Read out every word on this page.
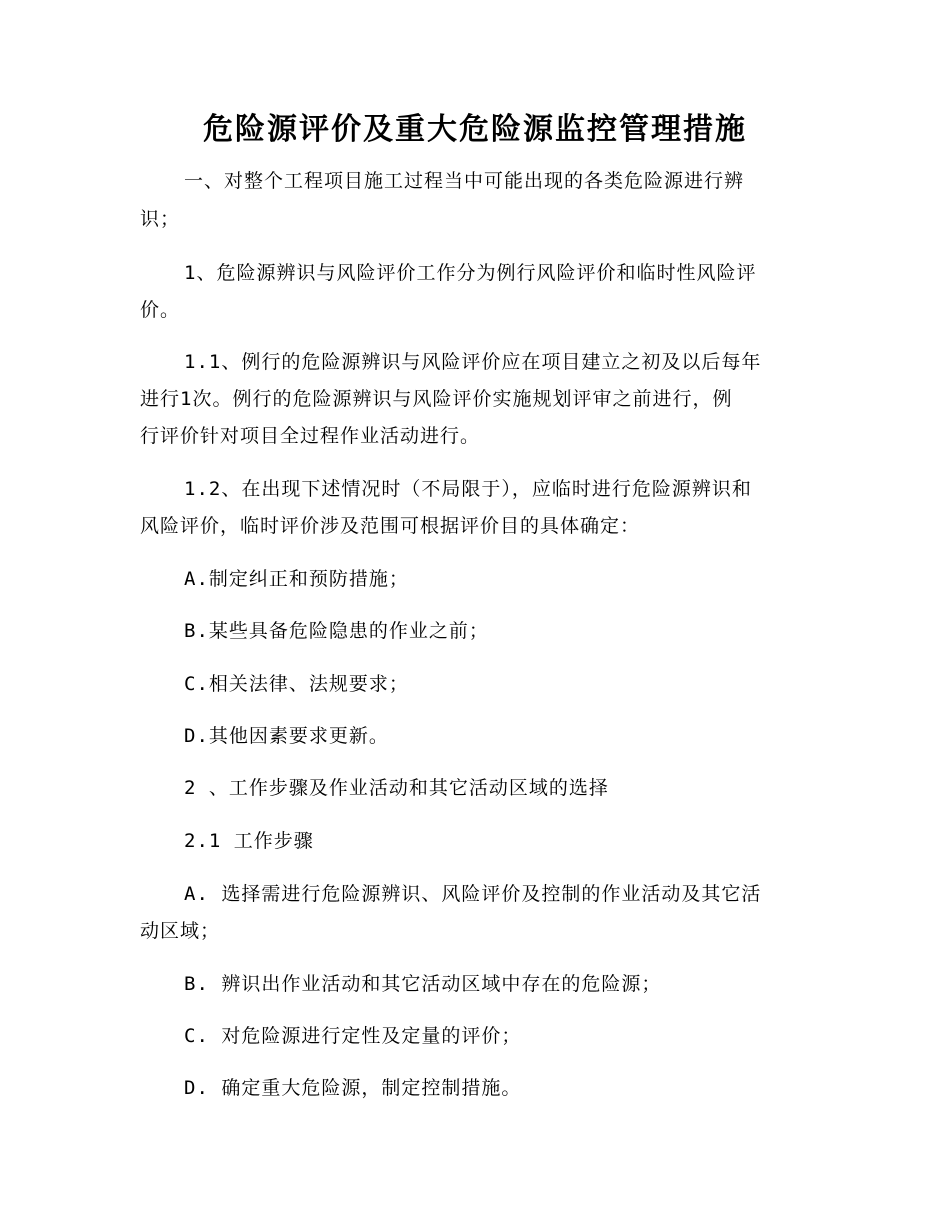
危险源评价及重大危险源监控管理措施
一、对整个工程项目施工过程当中可能出现的各类危险源进行辨
识；
1、危险源辨识与风险评价工作分为例行风险评价和临时性风险评
价。
1.1、例行的危险源辨识与风险评价应在项目建立之初及以后每年
进行1次。例行的危险源辨识与风险评价实施规划评审之前进行，例
行评价针对项目全过程作业活动进行。
1.2、在出现下述情况时（不局限于），应临时进行危险源辨识和
风险评价，临时评价涉及范围可根据评价目的具体确定：
A.制定纠正和预防措施；
B.某些具备危险隐患的作业之前；
C.相关法律、法规要求；
D.其他因素要求更新。
2 、工作步骤及作业活动和其它活动区域的选择
2.1 工作步骤
A. 选择需进行危险源辨识、风险评价及控制的作业活动及其它活
动区域；
B. 辨识出作业活动和其它活动区域中存在的危险源；
C. 对危险源进行定性及定量的评价；
D. 确定重大危险源，制定控制措施。
